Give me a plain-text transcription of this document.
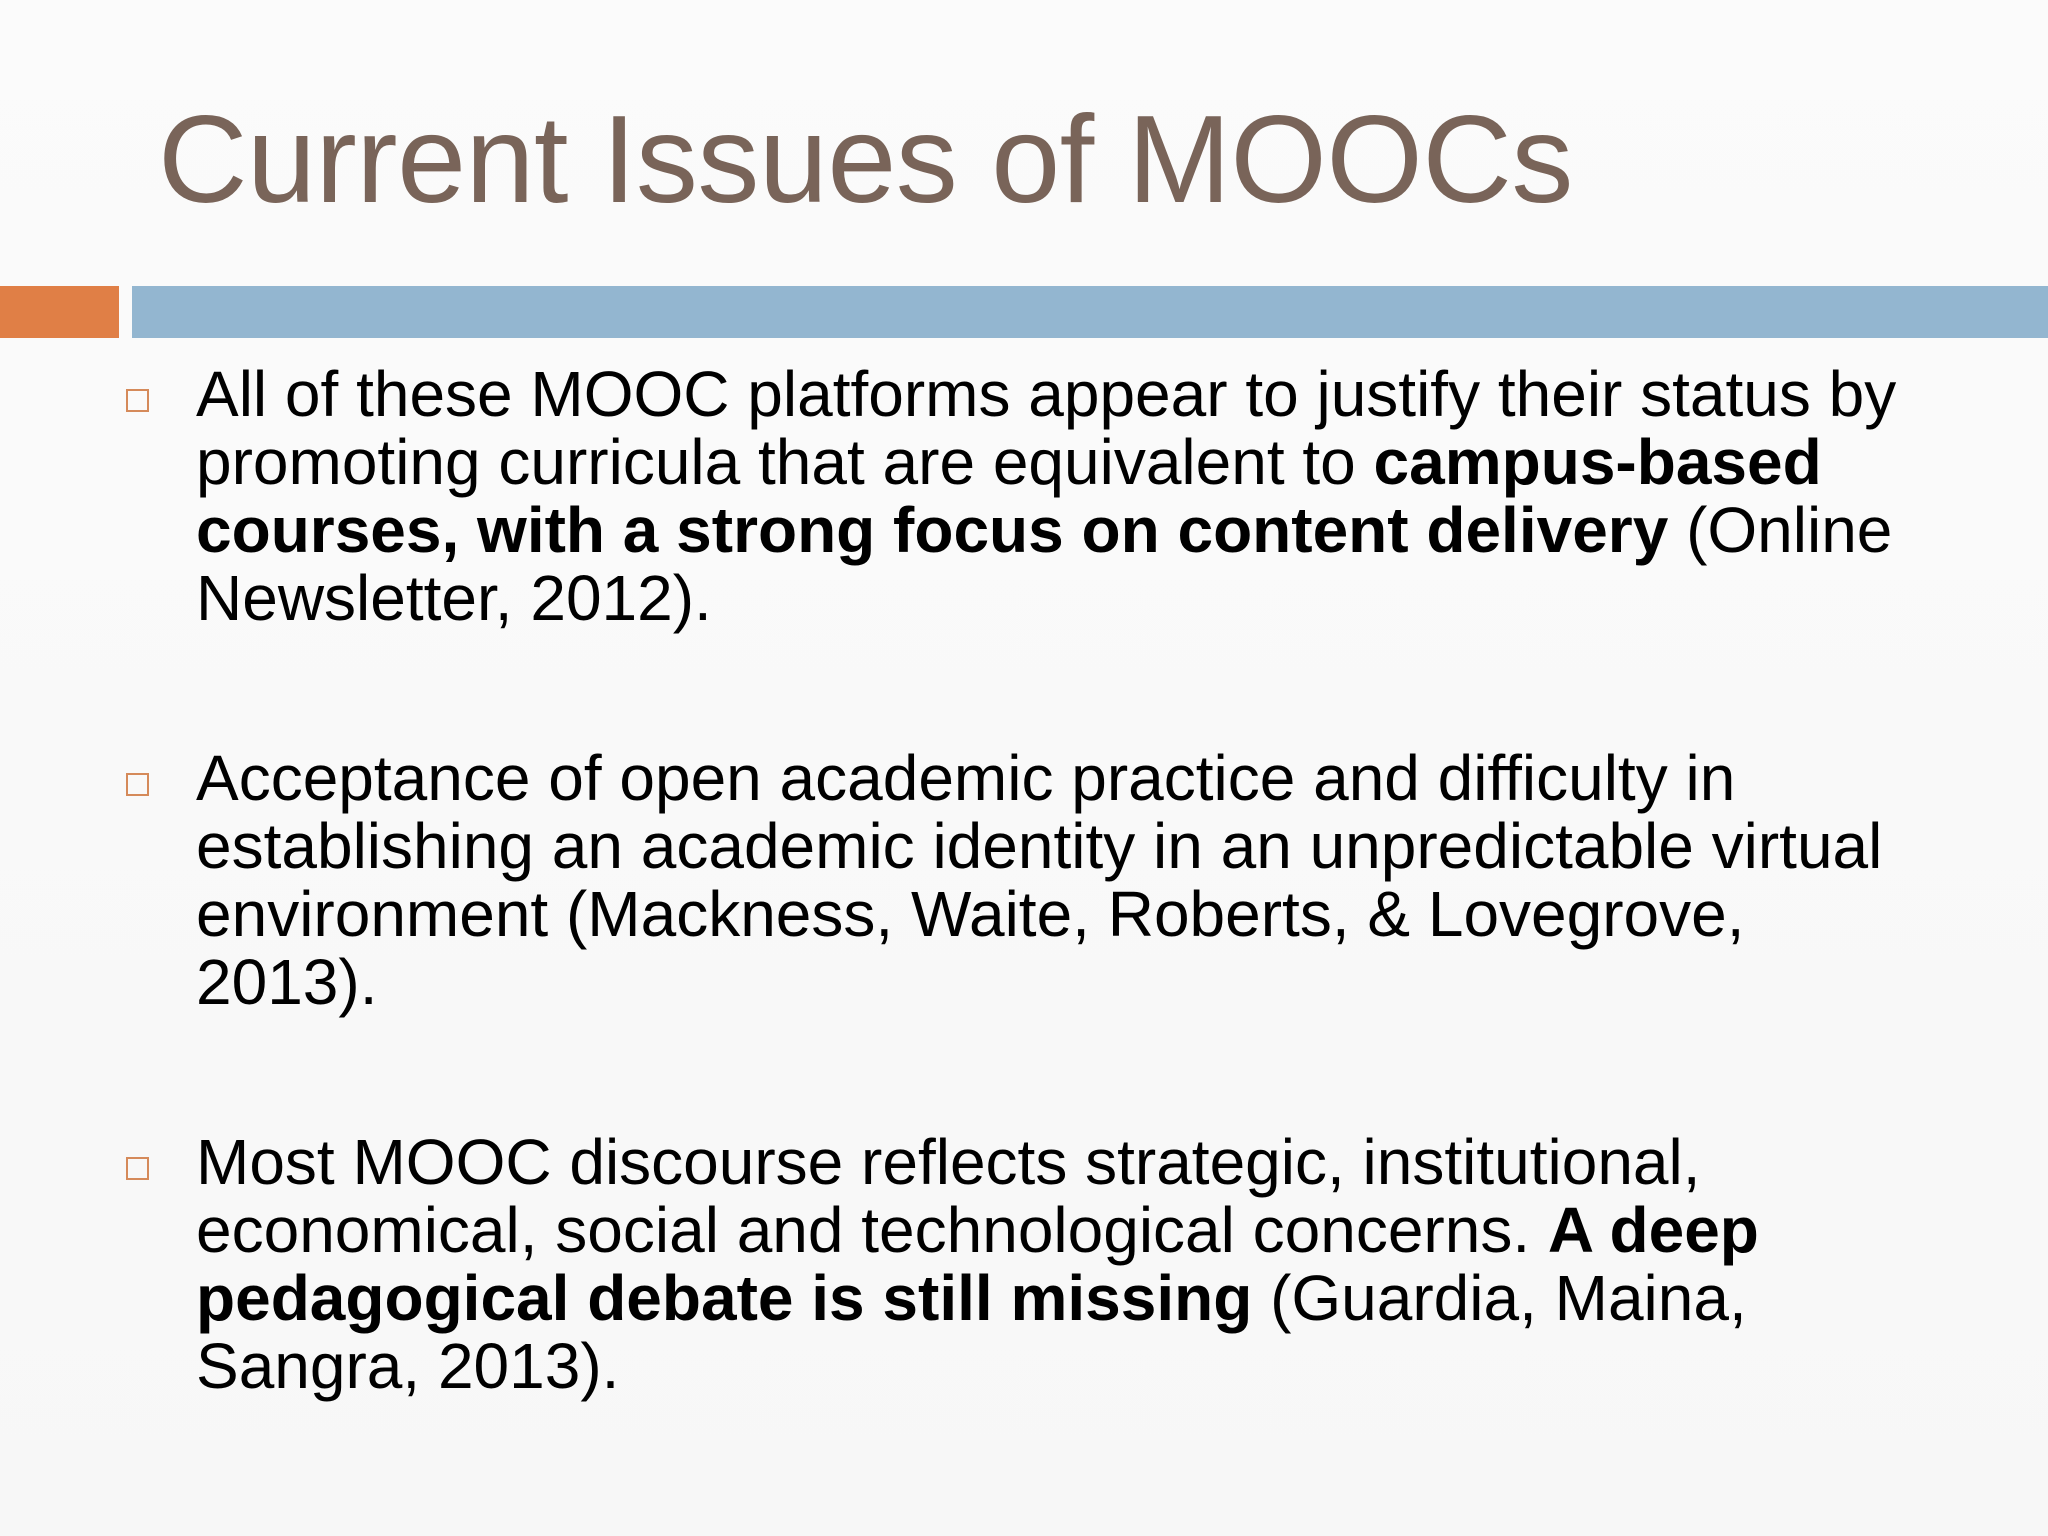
Current Issues of MOOCs
All of these MOOC platforms appear to justify their status by promoting curricula that are equivalent to campus-based courses, with a strong focus on content delivery (Online Newsletter, 2012).
Acceptance of open academic practice and difficulty in establishing an academic identity in an unpredictable virtual environment (Mackness, Waite, Roberts, & Lovegrove, 2013).
Most MOOC discourse reflects strategic, institutional, economical, social and technological concerns. A deep pedagogical debate is still missing (Guardia, Maina, Sangra, 2013).
